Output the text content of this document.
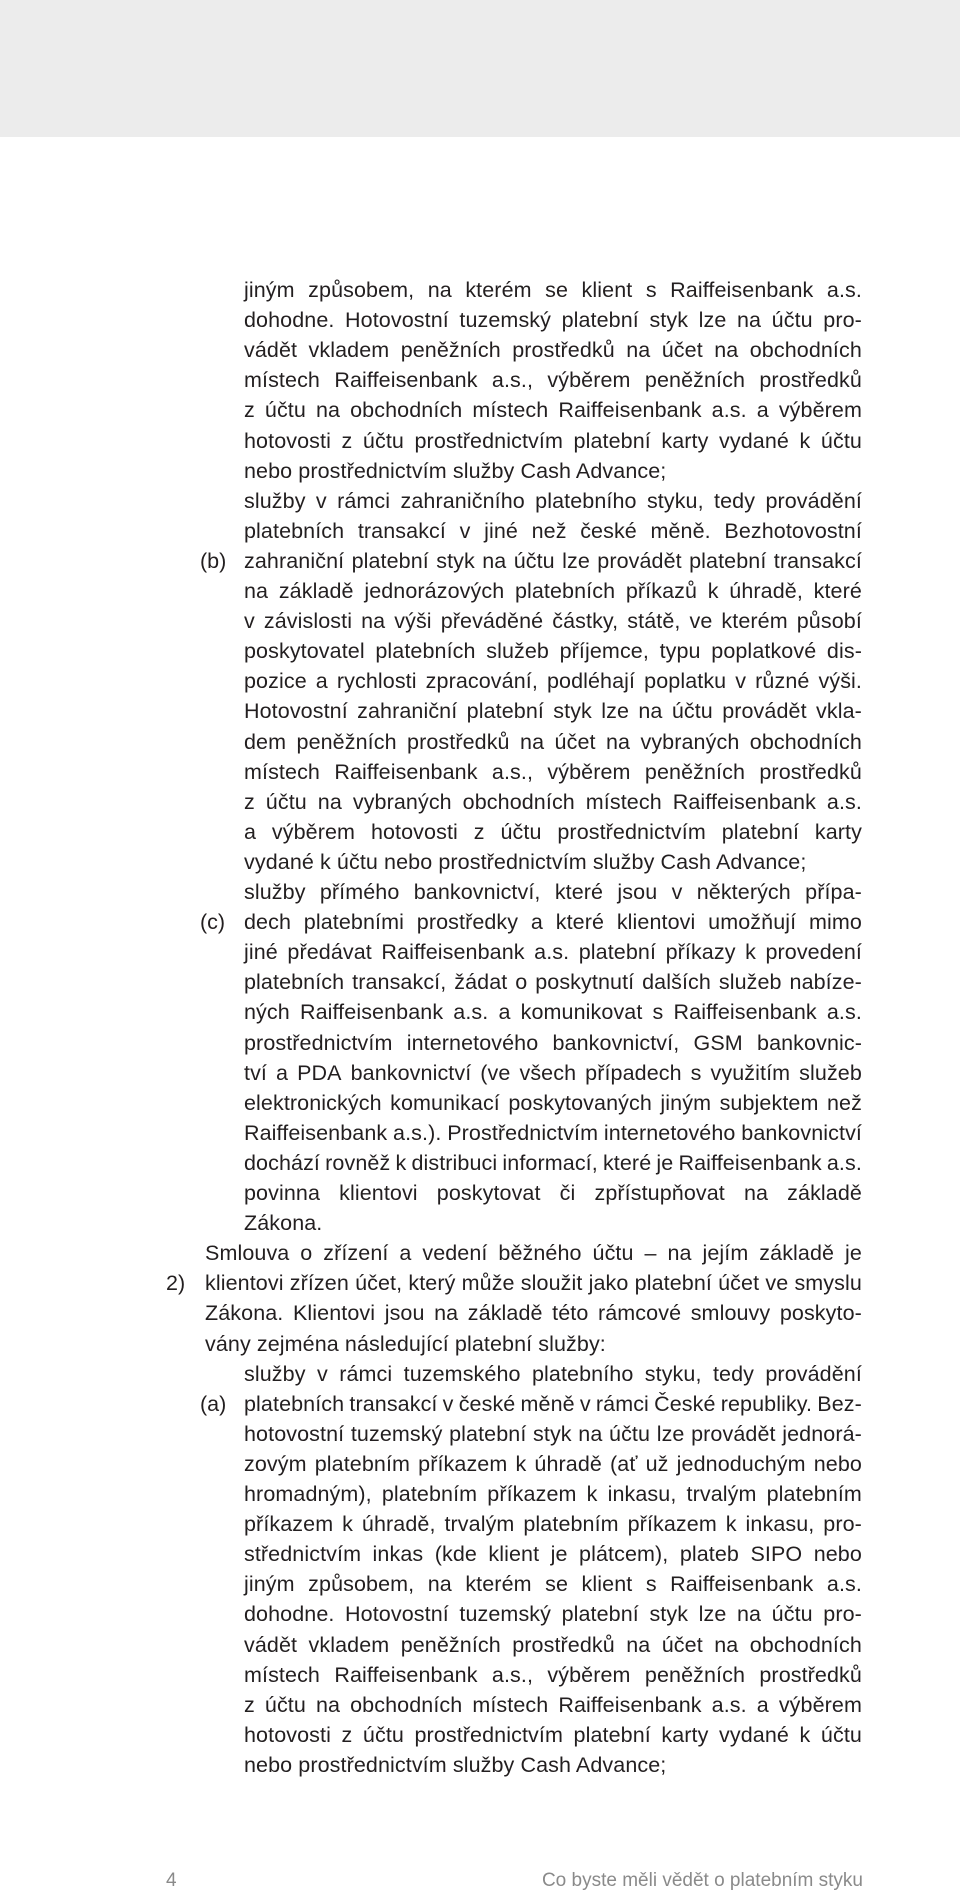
jiným způsobem, na kterém se klient s Raiffeisenbank a.s.
dohodne. Hotovostní tuzemský platební styk lze na účtu pro-
vádět vkladem peněžních prostředků na účet na obchodních
místech Raiffeisenbank a.s., výběrem peněžních prostředků
z účtu na obchodních místech Raiffeisenbank a.s. a výběrem
hotovosti z účtu prostřednictvím platební karty vydané k účtu
nebo prostřednictvím služby Cash Advance;
služby v rámci zahraničního platebního styku, tedy provádění
platebních transakcí v jiné než české měně. Bezhotovostní
zahraniční platební styk na účtu lze provádět platební transakcí
na základě jednorázových platebních příkazů k úhradě, které
v závislosti na výši převáděné částky, státě, ve kterém působí
poskytovatel platebních služeb příjemce, typu poplatkové dis-
pozice a rychlosti zpracování, podléhají poplatku v různé výši.
Hotovostní zahraniční platební styk lze na účtu provádět vkla-
dem peněžních prostředků na účet na vybraných obchodních
místech Raiffeisenbank a.s., výběrem peněžních prostředků
z účtu na vybraných obchodních místech Raiffeisenbank a.s.
a výběrem hotovosti z účtu prostřednictvím platební karty
vydané k účtu nebo prostřednictvím služby Cash Advance;
služby přímého bankovnictví, které jsou v některých přípa-
dech platebními prostředky a které klientovi umožňují mimo
jiné předávat Raiffeisenbank a.s. platební příkazy k provedení
platebních transakcí, žádat o poskytnutí dalších služeb nabíze-
ných Raiffeisenbank a.s. a komunikovat s Raiffeisenbank a.s.
prostřednictvím internetového bankovnictví, GSM bankovnic-
tví a PDA bankovnictví (ve všech případech s využitím služeb
elektronických komunikací poskytovaných jiným subjektem než
Raiffeisenbank a.s.). Prostřednictvím internetového bankovnictví
dochází rovněž k distribuci informací, které je Raiffeisenbank a.s.
povinna klientovi poskytovat či zpřístupňovat na základě
Zákona.
Smlouva o zřízení a vedení běžného účtu – na jejím základě je
klientovi zřízen účet, který může sloužit jako platební účet ve smyslu
Zákona. Klientovi jsou na základě této rámcové smlouvy poskyto-
vány zejména následující platební služby:
služby v rámci tuzemského platebního styku, tedy provádění
platebních transakcí v české měně v rámci České republiky. Bez-
hotovostní tuzemský platební styk na účtu lze provádět jednorá-
zovým platebním příkazem k úhradě (ať už jednoduchým nebo
hromadným), platebním příkazem k inkasu, trvalým platebním
příkazem k úhradě, trvalým platebním příkazem k inkasu, pro-
střednictvím inkas (kde klient je plátcem), plateb SIPO nebo
jiným způsobem, na kterém se klient s Raiffeisenbank a.s.
dohodne. Hotovostní tuzemský platební styk lze na účtu pro-
vádět vkladem peněžních prostředků na účet na obchodních
místech Raiffeisenbank a.s., výběrem peněžních prostředků
z účtu na obchodních místech Raiffeisenbank a.s. a výběrem
hotovosti z účtu prostřednictvím platební karty vydané k účtu
nebo prostřednictvím služby Cash Advance;
(b)
(c)
2)
(a)
4	Co byste měli vědět o platebním styku
